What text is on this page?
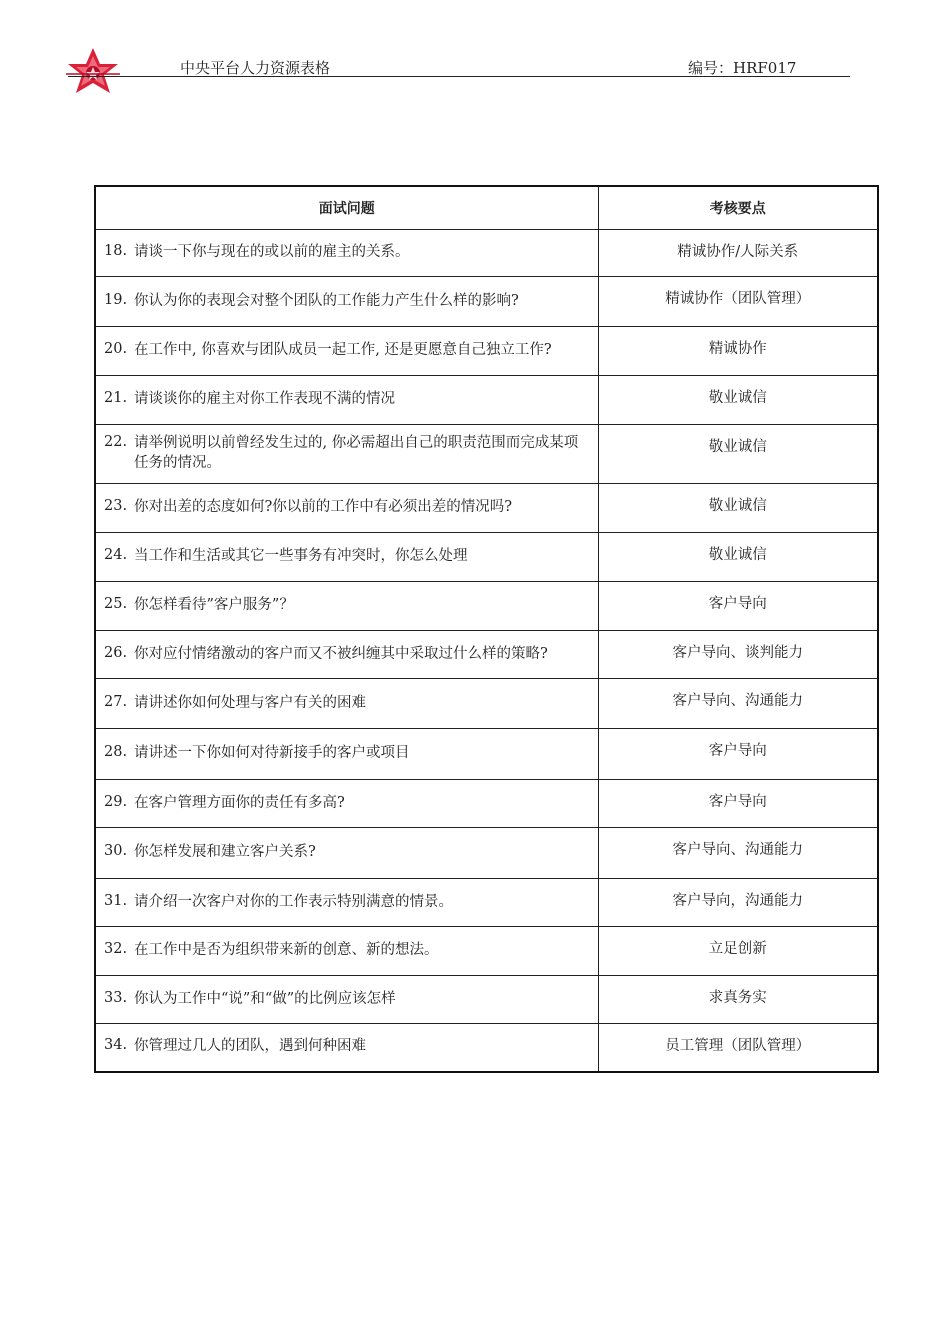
中央平台人力资源表格	编号：HRF017
面试问题	考核要点

18. 请谈一下你与现在的或以前的雇主的关系。	精诚协作/人际关系

19. 你认为你的表现会对整个团队的工作能力产生什么样的影响?	精诚协作（团队管理）

20. 在工作中, 你喜欢与团队成员一起工作, 还是更愿意自己独立工作?	精诚协作

21. 请谈谈你的雇主对你工作表现不满的情况	敬业诚信

22. 请举例说明以前曾经发生过的, 你必需超出自己的职责范围而完成某项任务的情况。	敬业诚信

23. 你对出差的态度如何?你以前的工作中有必须出差的情况吗?	敬业诚信

24. 当工作和生活或其它一些事务有冲突时，你怎么处理	敬业诚信

25. 你怎样看待”客户服务”？	客户导向

26. 你对应付情绪激动的客户而又不被纠缠其中采取过什么样的策略?	客户导向、谈判能力

27. 请讲述你如何处理与客户有关的困难	客户导向、沟通能力

28. 请讲述一下你如何对待新接手的客户或项目	客户导向

29. 在客户管理方面你的责任有多高?	客户导向

30. 你怎样发展和建立客户关系?	客户导向、沟通能力

31. 请介绍一次客户对你的工作表示特别满意的情景。	客户导向，沟通能力

32. 在工作中是否为组织带来新的创意、新的想法。	立足创新

33. 你认为工作中“说”和“做”的比例应该怎样	求真务实

34. 你管理过几人的团队，遇到何种困难	员工管理（团队管理）
